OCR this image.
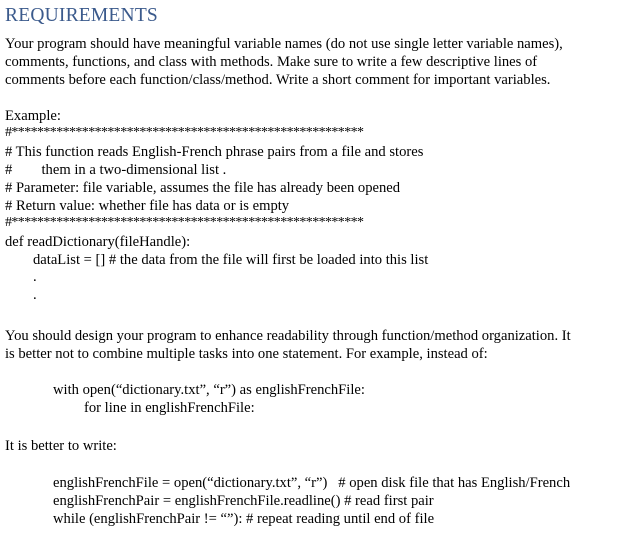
REQUIREMENTS
Your program should have meaningful variable names (do not use single letter variable names),
comments, functions, and class with methods. Make sure to write a few descriptive lines of
comments before each function/class/method. Write a short comment for important variables.
Example:
#*******************************************************
# This function reads English-French phrase pairs from a file and stores
#        them in a two-dimensional list .
# Parameter: file variable, assumes the file has already been opened
# Return value: whether file has data or is empty
#*******************************************************
def readDictionary(fileHandle):
dataList = [] # the data from the file will first be loaded into this list
.
.
You should design your program to enhance readability through function/method organization. It
is better not to combine multiple tasks into one statement. For example, instead of:
with open(“dictionary.txt”, “r”) as englishFrenchFile:
for line in englishFrenchFile:
It is better to write:
englishFrenchFile = open(“dictionary.txt”, “r”)   # open disk file that has English/French
englishFrenchPair = englishFrenchFile.readline() # read first pair
while (englishFrenchPair != “”): # repeat reading until end of file
